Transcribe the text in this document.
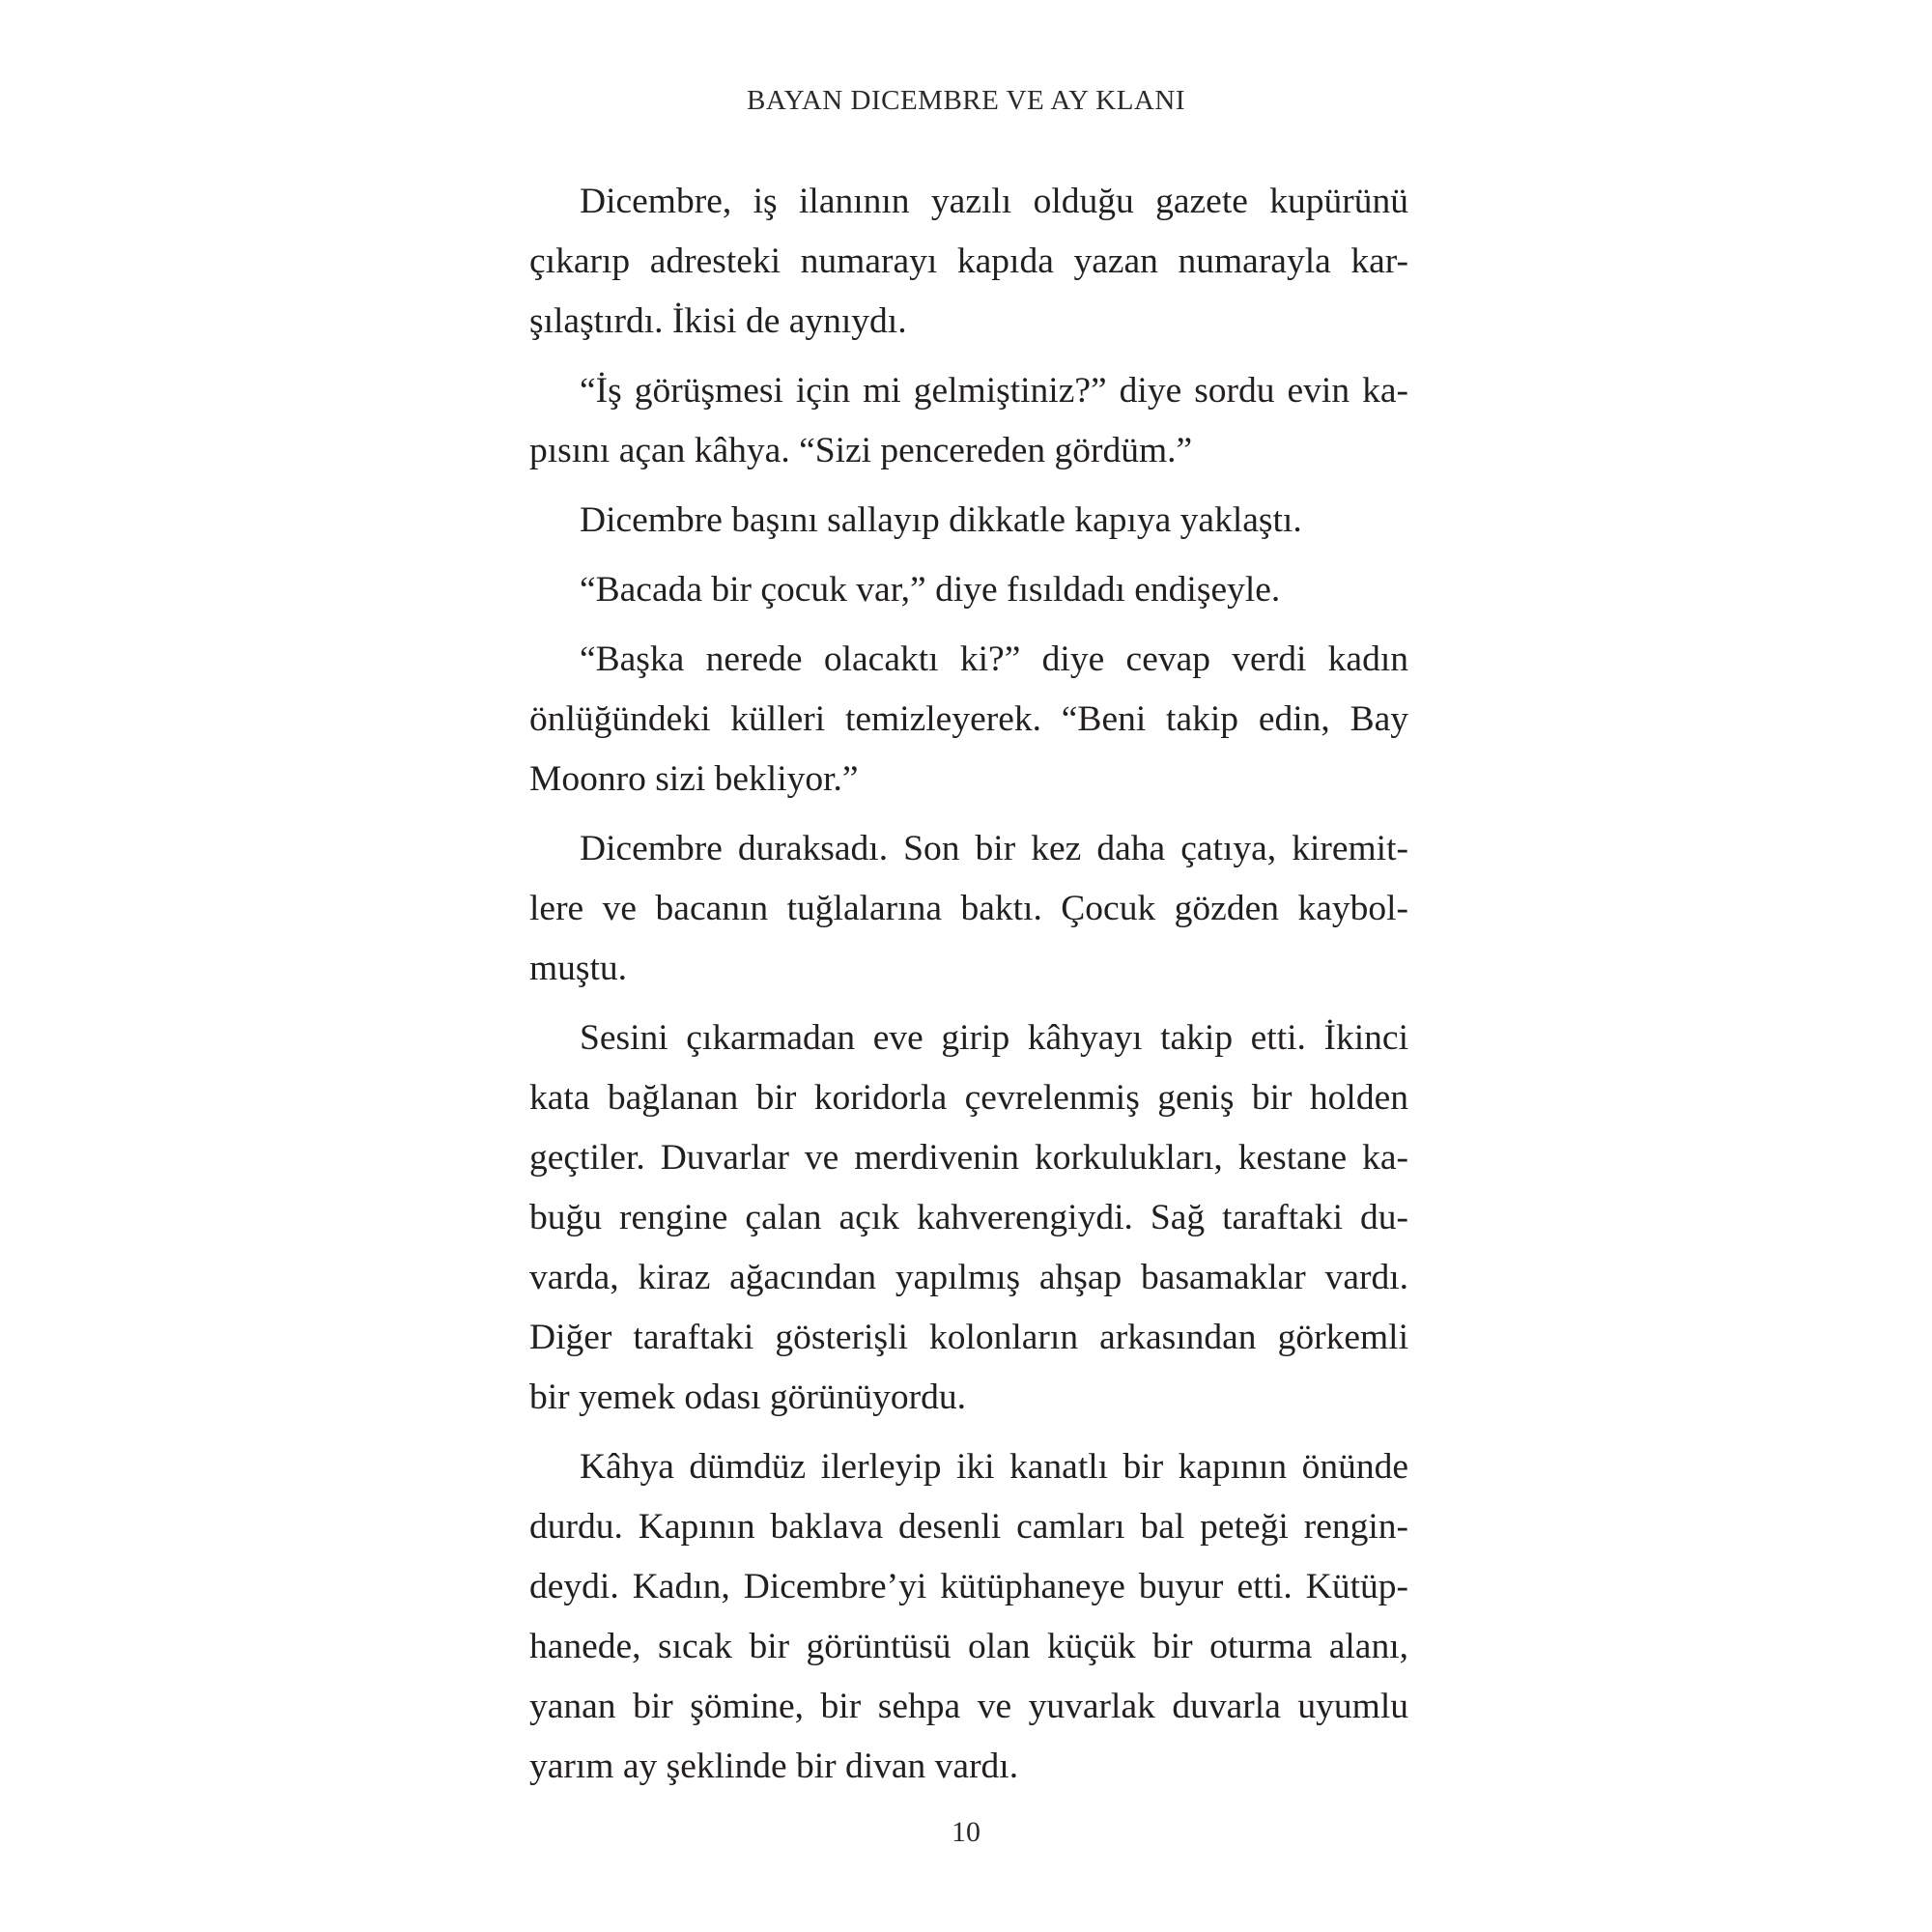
BAYAN DICEMBRE VE AY KLANI
Dicembre, iş ilanının yazılı olduğu gazete kupürünü
çıkarıp adresteki numarayı kapıda yazan numarayla kar-
şılaştırdı. İkisi de aynıydı.
“İş görüşmesi için mi gelmiştiniz?” diye sordu evin ka-
pısını açan kâhya. “Sizi pencereden gördüm.”
Dicembre başını sallayıp dikkatle kapıya yaklaştı.
“Bacada bir çocuk var,” diye fısıldadı endişeyle.
“Başka nerede olacaktı ki?” diye cevap verdi kadın
önlüğündeki külleri temizleyerek. “Beni takip edin, Bay
Moonro sizi bekliyor.”
Dicembre duraksadı. Son bir kez daha çatıya, kiremit-
lere ve bacanın tuğlalarına baktı. Çocuk gözden kaybol-
muştu.
Sesini çıkarmadan eve girip kâhyayı takip etti. İkinci
kata bağlanan bir koridorla çevrelenmiş geniş bir holden
geçtiler. Duvarlar ve merdivenin korkulukları, kestane ka-
buğu rengine çalan açık kahverengiydi. Sağ taraftaki du-
varda, kiraz ağacından yapılmış ahşap basamaklar vardı.
Diğer taraftaki gösterişli kolonların arkasından görkemli
bir yemek odası görünüyordu.
Kâhya dümdüz ilerleyip iki kanatlı bir kapının önünde
durdu. Kapının baklava desenli camları bal peteği rengin-
deydi. Kadın, Dicembre’yi kütüphaneye buyur etti. Kütüp-
hanede, sıcak bir görüntüsü olan küçük bir oturma alanı,
yanan bir şömine, bir sehpa ve yuvarlak duvarla uyumlu
yarım ay şeklinde bir divan vardı.
10
